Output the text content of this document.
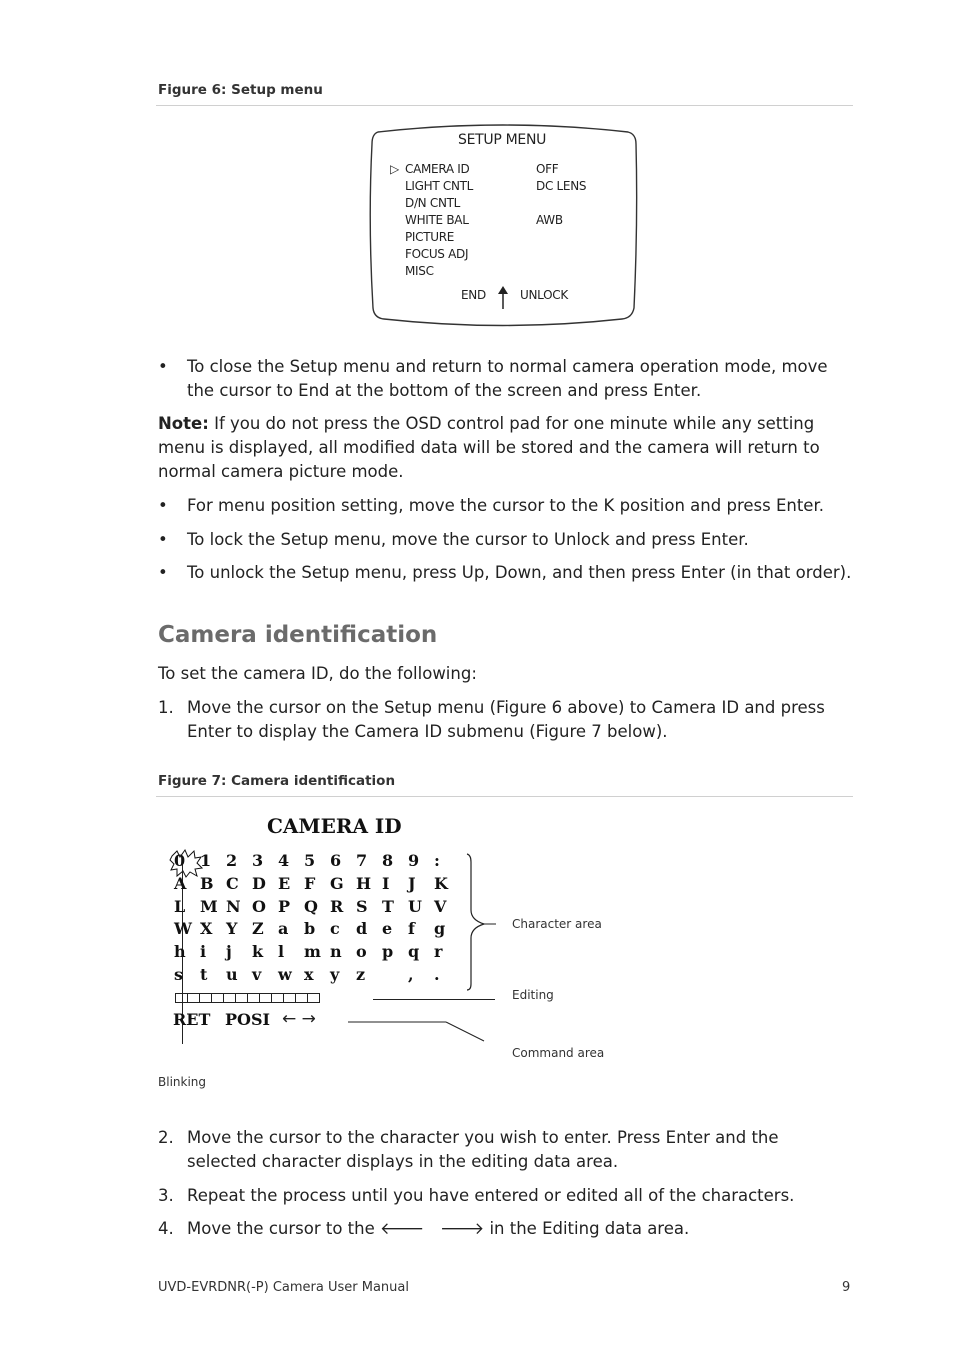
Figure 6: Setup menu
SETUP MENU
▷
END	UNLOCK
CAMERA ID	OFF
LIGHT CNTL	DC LENS
D/N CNTL
WHITE BAL	AWB
PICTURE
FOCUS ADJ
MISC
• To close the Setup menu and return to normal camera operation mode, move the cursor to End at the bottom of the screen and press Enter.
Note: If you do not press the OSD control pad for one minute while any setting menu is displayed, all modified data will be stored and the camera will return to normal camera picture mode.
• For menu position setting, move the cursor to the K position and press Enter.
• To lock the Setup menu, move the cursor to Unlock and press Enter.
• To unlock the Setup menu, press Up, Down, and then press Enter (in that order).
Camera identification
To set the camera ID, do the following:
1. Move the cursor on the Setup menu (Figure 6 above) to Camera ID and press Enter to display the Camera ID submenu (Figure 7 below).
Figure 7: Camera identification
CAMERA ID
RET POSI ← →
Character area
Editing
Command area
Blinking
2. Move the cursor to the character you wish to enter. Press Enter and the selected character displays in the editing data area.
3. Repeat the process until you have entered or edited all of the characters.
4. Move the cursor to the 🡐   🡒 in the Editing data area.
UVD-EVRDNR(-P) Camera User Manual	9
0 1 2 3 4 5 6 7 8 9 :
A B C D E F G H I J K
L M N O P Q R S T U V
W X Y Z a b c d e f g
h i j k l m n o p q r
s t u v w x y z	, .
